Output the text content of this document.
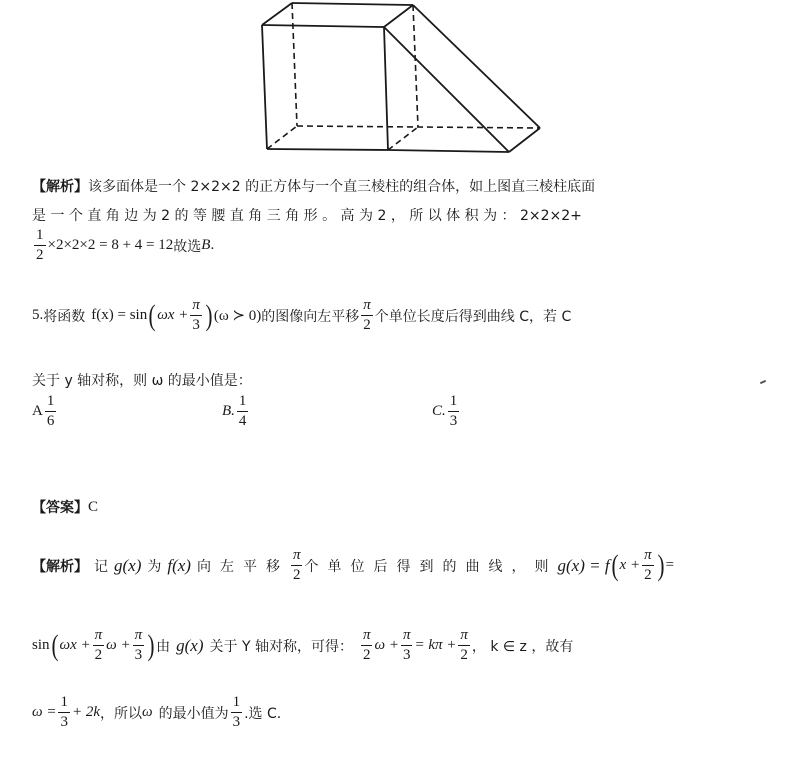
【解析】 该多面体是一个 2×2×2 的正方体与一个直三棱柱的组合体，如上图直三棱柱底面
是 一 个 直 角 边 为 2 的 等 腰 直 角 三 角 形 。 高 为 2 ， 所 以 体 积 为 ： 2×2×2+
$\frac{1}{2} \times 2\times 2\times 2 = 8 + 4 = 12$ 故选 B .
5. 将函数 f(x) = sin ( $\omega x + \frac{\pi}{3}$ ) (ω ≻ 0) 的图像向左平移 $\frac{\pi}{2}$ 个单位长度后得到曲线 C，若 C
关于 y 轴对称，则 ω 的最小值是：
A $\frac{1}{6}$	B. $\frac{1}{4}$	C. $\frac{1}{3}$
【答案】 C
【解析】 记 g(x) 为 f(x) 向左平移 $\frac{\pi}{2}$ 个单位后得到的曲线，则 g(x) = f ( $x + \frac{\pi}{2}$ ) =
sin ( $\omega x + \frac{\pi}{2}$ $\omega + \frac{\pi}{3}$ ) 由 g(x) 关于 Y 轴对称，可得： $\frac{\pi}{2}$ $\omega + \frac{\pi}{3} = k\pi + \frac{\pi}{2}$ ， k ∈ z ，故有
$\omega = \frac{1}{3} + 2k$ ，所以 ω 的最小值为 $\frac{1}{3}$ .选 C.
